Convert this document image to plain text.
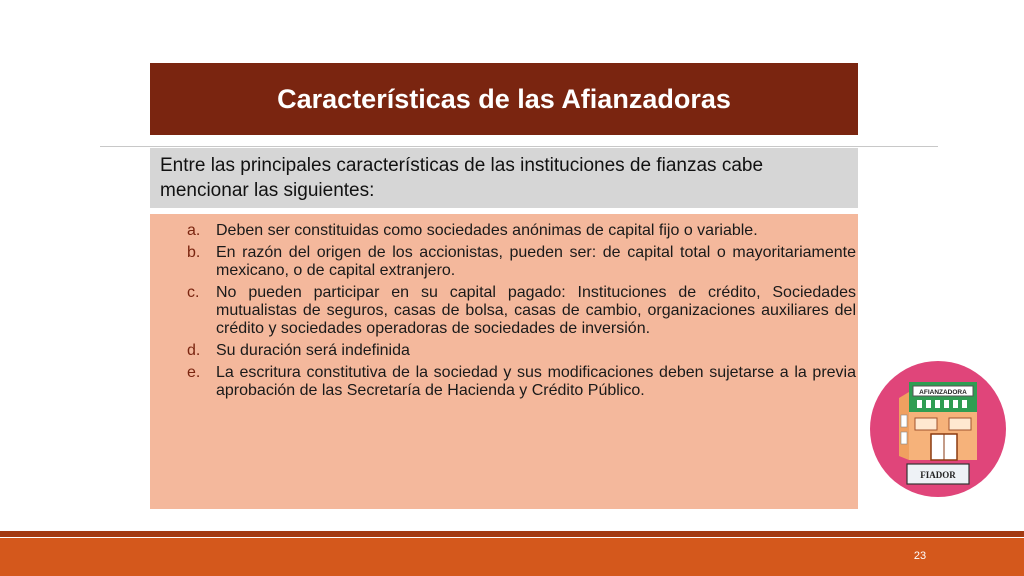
Características de las Afianzadoras
Entre las principales características de las instituciones de fianzas cabe
mencionar las siguientes:
a. Deben ser constituidas como sociedades anónimas de capital fijo o variable.
b. En razón del origen de los accionistas, pueden ser: de capital total o mayoritariamente mexicano, o de capital extranjero.
c.	No pueden participar en su capital pagado: Instituciones de crédito, Sociedades mutualistas de seguros, casas de bolsa, casas de cambio, organizaciones auxiliares del crédito y sociedades operadoras de sociedades de inversión.
d. Su duración será indefinida
e. La escritura constitutiva de la sociedad y sus modificaciones deben sujetarse a la previa aprobación de las Secretaría de Hacienda y Crédito Público.	AFIANZADORA
FIADOR
23
